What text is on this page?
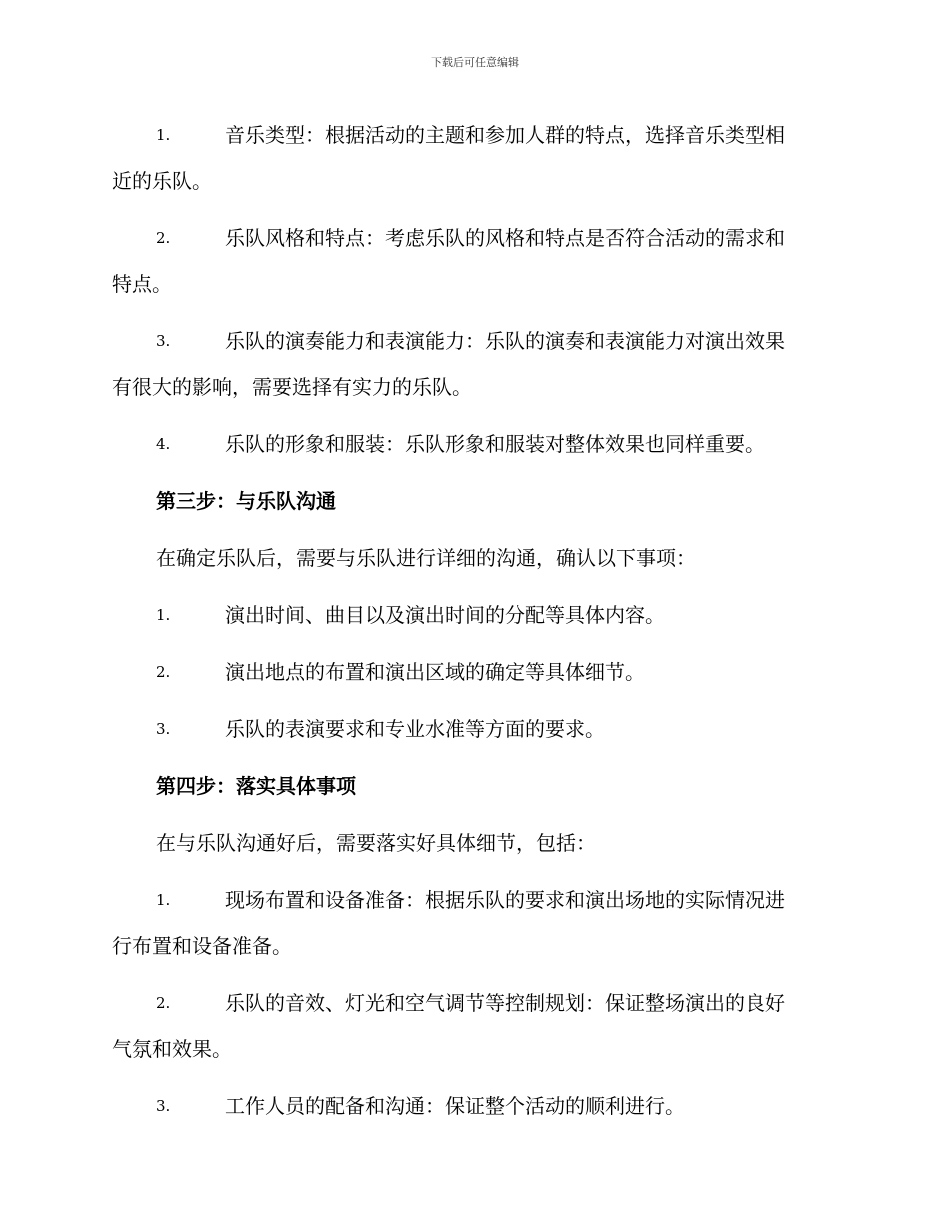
下载后可任意编辑
1.	音乐类型：根据活动的主题和参加人群的特点，选择音乐类型相
近的乐队。
2.	乐队风格和特点：考虑乐队的风格和特点是否符合活动的需求和
特点。
3.	乐队的演奏能力和表演能力：乐队的演奏和表演能力对演出效果
有很大的影响，需要选择有实力的乐队。
4.	乐队的形象和服装：乐队形象和服装对整体效果也同样重要。
第三步：与乐队沟通
在确定乐队后，需要与乐队进行详细的沟通，确认以下事项：
1.	演出时间、曲目以及演出时间的分配等具体内容。
2.	演出地点的布置和演出区域的确定等具体细节。
3.	乐队的表演要求和专业水准等方面的要求。
第四步：落实具体事项
在与乐队沟通好后，需要落实好具体细节，包括：
1.	现场布置和设备准备：根据乐队的要求和演出场地的实际情况进
行布置和设备准备。
2.	乐队的音效、灯光和空气调节等控制规划：保证整场演出的良好
气氛和效果。
3.	工作人员的配备和沟通：保证整个活动的顺利进行。
